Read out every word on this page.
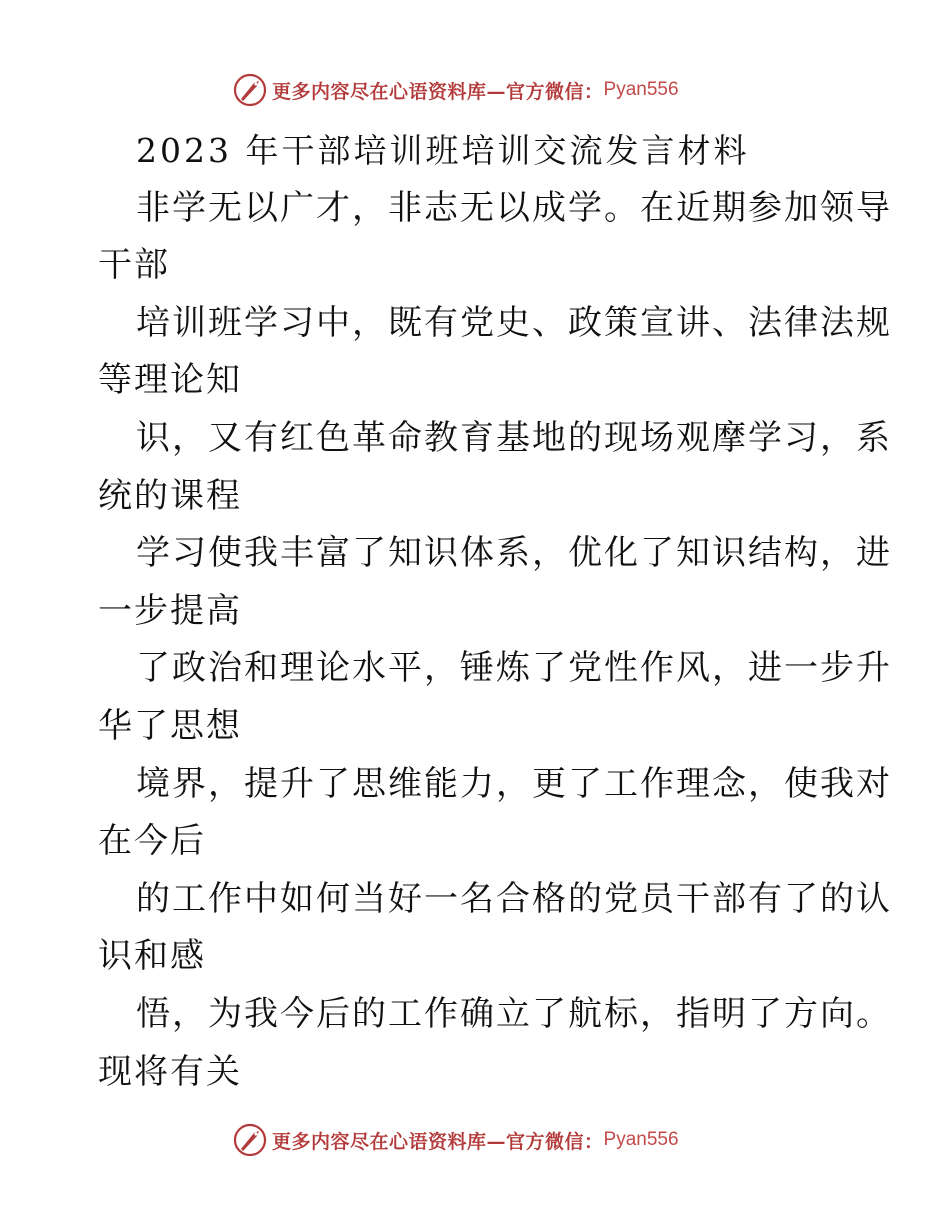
更多内容尽在心语资料库—官方微信： Pyan556
2023 年干部培训班培训交流发言材料
非学无以广才，非志无以成学。在近期参加领导
干部
培训班学习中，既有党史、政策宣讲、法律法规
等理论知
识，又有红色革命教育基地的现场观摩学习，系
统的课程
学习使我丰富了知识体系，优化了知识结构，进
一步提高
了政治和理论水平，锤炼了党性作风，进一步升
华了思想
境界，提升了思维能力，更了工作理念，使我对
在今后
的工作中如何当好一名合格的党员干部有了的认
识和感
悟，为我今后的工作确立了航标，指明了方向。
现将有关
更多内容尽在心语资料库—官方微信： Pyan556
